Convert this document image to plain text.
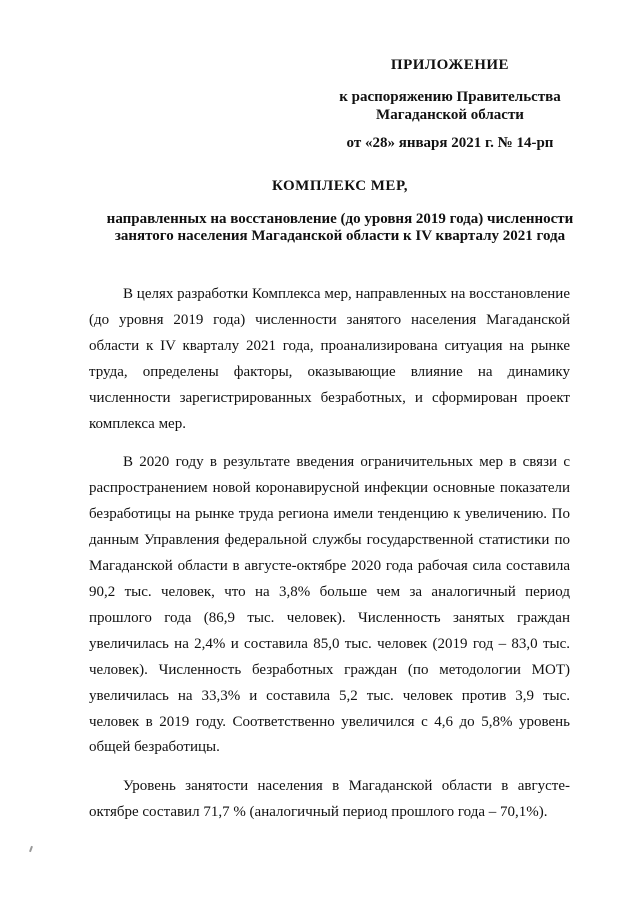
ПРИЛОЖЕНИЕ
к распоряжению Правительства
Магаданской области
от «28» января 2021 г. № 14-рп
КОМПЛЕКС МЕР,
направленных на восстановление (до уровня 2019 года) численности
занятого населения Магаданской области к IV кварталу 2021 года

В целях разработки Комплекса мер, направленных на восстановление (до уровня 2019 года) численности занятого населения Магаданской области к IV кварталу 2021 года, проанализирована ситуация на рынке труда, определены факторы, оказывающие влияние на динамику численности зарегистрированных безработных, и сформирован проект комплекса мер.

В 2020 году в результате введения ограничительных мер в связи с распространением новой коронавирусной инфекции основные показатели безработицы на рынке труда региона имели тенденцию к увеличению. По данным Управления федеральной службы государственной статистики по Магаданской области в августе-октябре 2020 года рабочая сила составила 90,2 тыс. человек, что на 3,8% больше чем за аналогичный период прошлого года (86,9 тыс. человек). Численность занятых граждан увеличилась на 2,4% и составила 85,0 тыс. человек (2019 год – 83,0 тыс. человек). Численность безработных граждан (по методологии МОТ) увеличилась на 33,3% и составила 5,2 тыс. человек против 3,9 тыс. человек в 2019 году. Соответственно увеличился с 4,6 до 5,8% уровень общей безработицы.

Уровень занятости населения в Магаданской области в августе-октябре составил 71,7 % (аналогичный период прошлого года – 70,1%).
